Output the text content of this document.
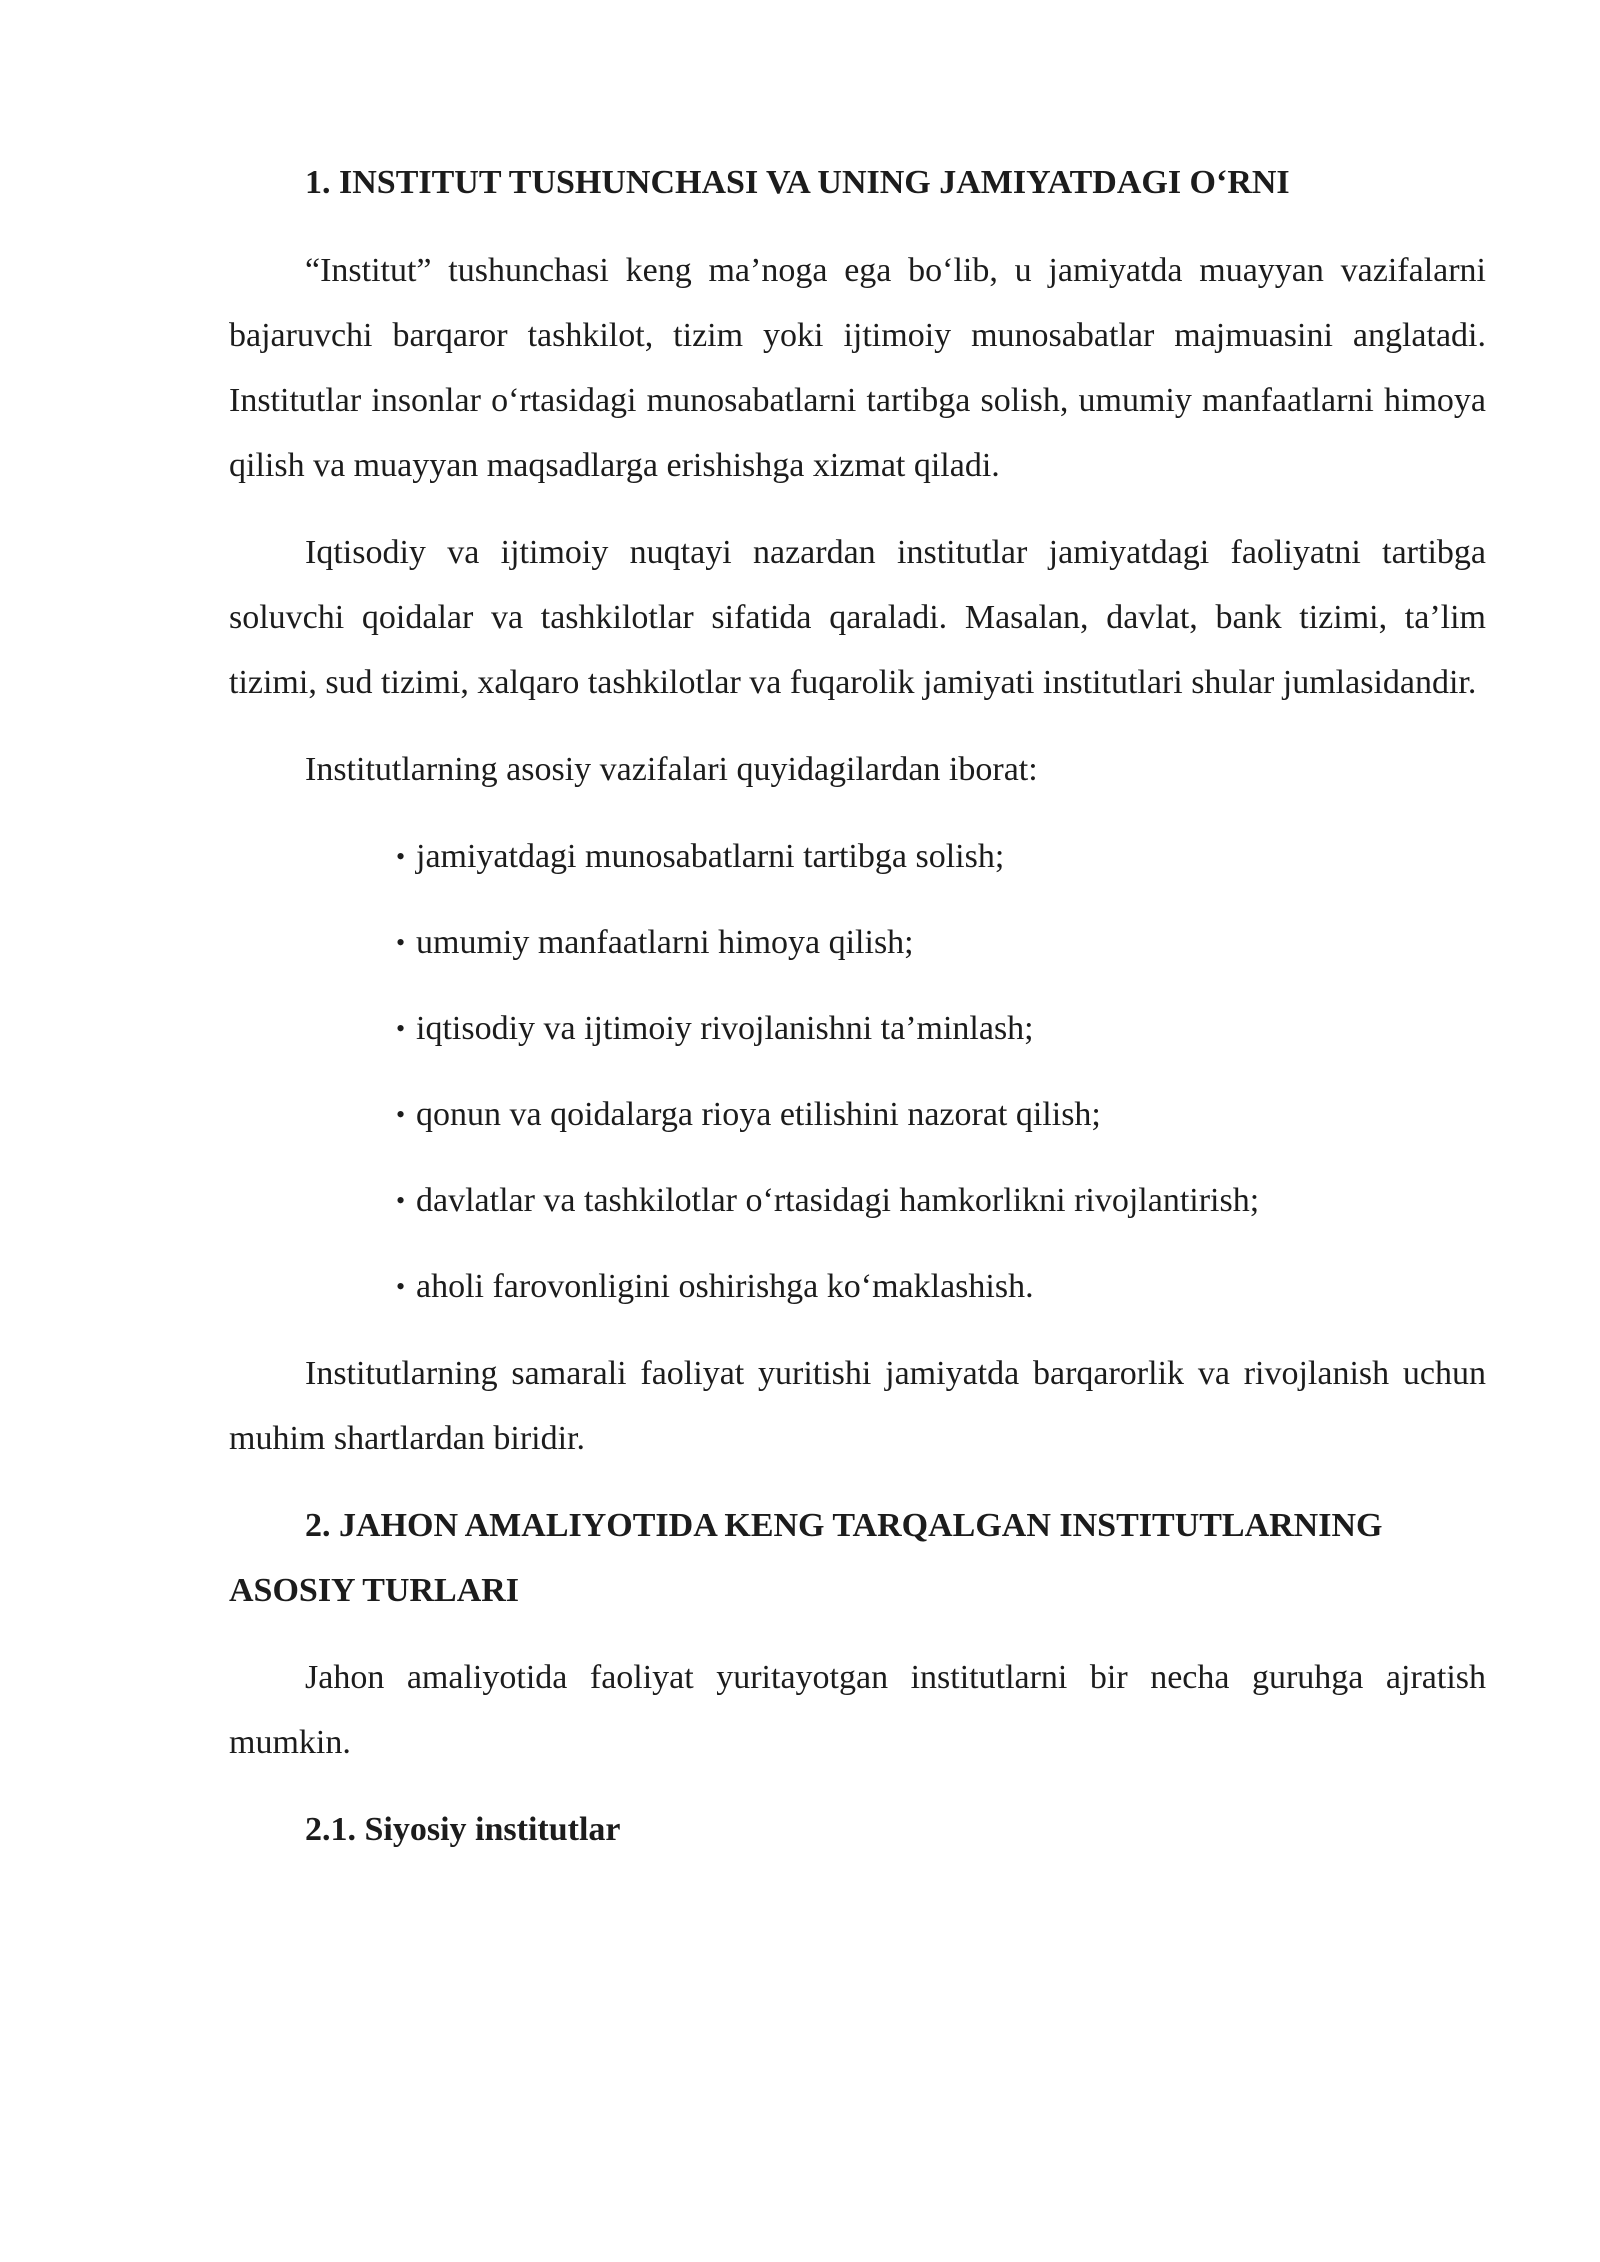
1. INSTITUT TUSHUNCHASI VA UNING JAMIYATDAGI O‘RNI

“Institut” tushunchasi keng ma’noga ega bo‘lib, u jamiyatda muayyan vazifalarni bajaruvchi barqaror tashkilot, tizim yoki ijtimoiy munosabatlar majmuasini anglatadi. Institutlar insonlar o‘rtasidagi munosabatlarni tartibga solish, umumiy manfaatlarni himoya qilish va muayyan maqsadlarga erishishga xizmat qiladi.

Iqtisodiy va ijtimoiy nuqtayi nazardan institutlar jamiyatdagi faoliyatni tartibga soluvchi qoidalar va tashkilotlar sifatida qaraladi. Masalan, davlat, bank tizimi, ta’lim tizimi, sud tizimi, xalqaro tashkilotlar va fuqarolik jamiyati institutlari shular jumlasidandir.

Institutlarning asosiy vazifalari quyidagilardan iborat:

• jamiyatdagi munosabatlarni tartibga solish;
• umumiy manfaatlarni himoya qilish;
• iqtisodiy va ijtimoiy rivojlanishni ta’minlash;
• qonun va qoidalarga rioya etilishini nazorat qilish;
• davlatlar va tashkilotlar o‘rtasidagi hamkorlikni rivojlantirish;
• aholi farovonligini oshirishga ko‘maklashish.

Institutlarning samarali faoliyat yuritishi jamiyatda barqarorlik va rivojlanish uchun muhim shartlardan biridir.

2. JAHON AMALIYOTIDA KENG TARQALGAN INSTITUTLARNING ASOSIY TURLARI

Jahon amaliyotida faoliyat yuritayotgan institutlarni bir necha guruhga ajratish mumkin.

2.1. Siyosiy institutlar
